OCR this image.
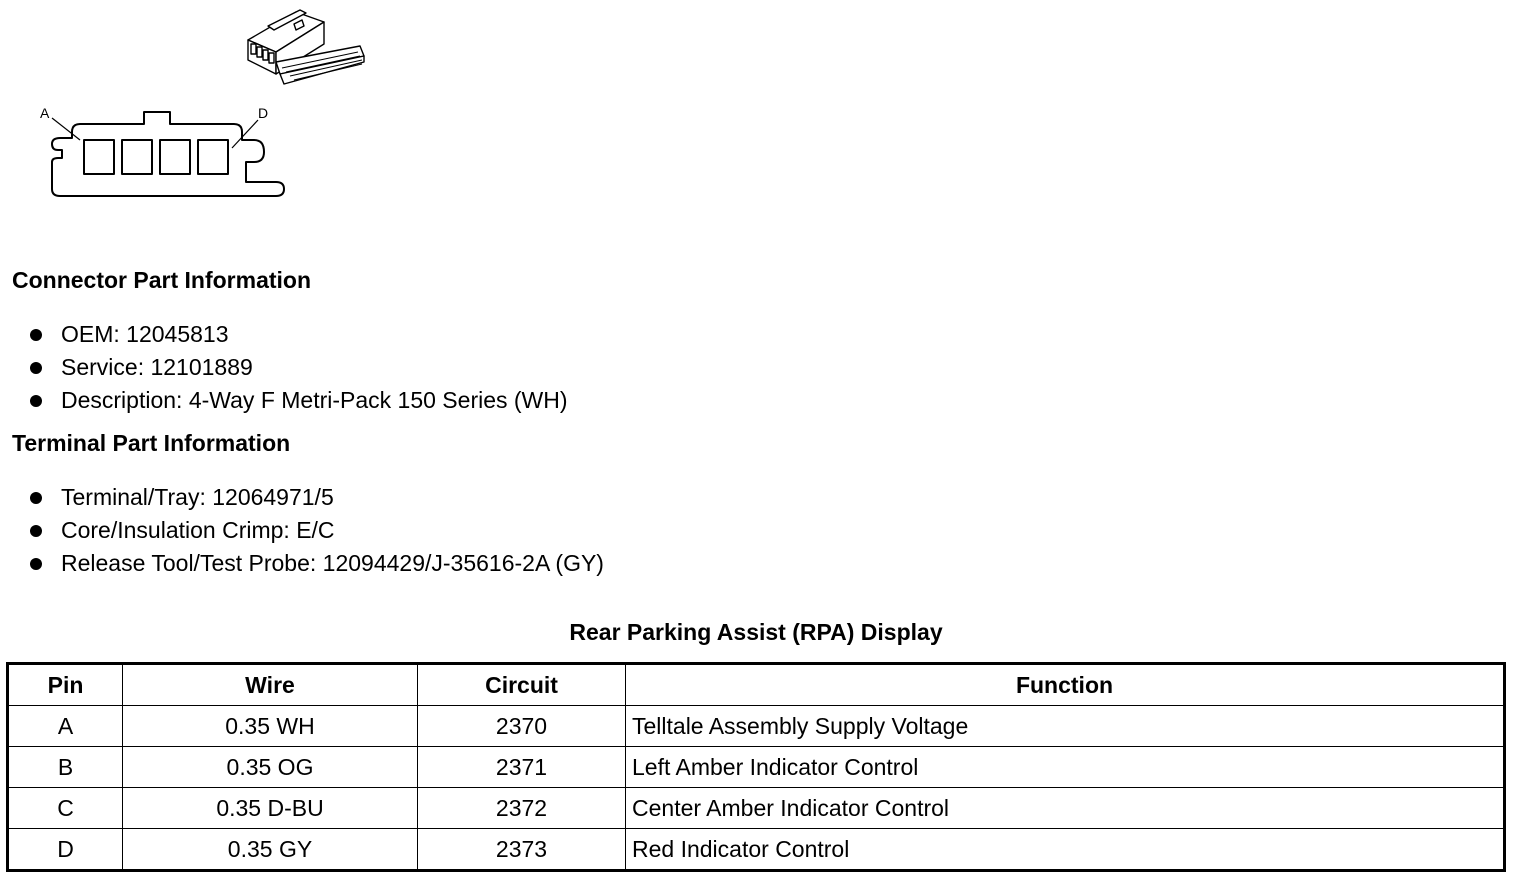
A	D
Connector Part Information
OEM: 12045813
Service: 12101889
Description: 4-Way F Metri-Pack 150 Series (WH)
Terminal Part Information
Terminal/Tray: 12064971/5
Core/Insulation Crimp: E/C
Release Tool/Test Probe: 12094429/J-35616-2A (GY)
Rear Parking Assist (RPA) Display
Pin	Wire	Circuit	Function
A	0.35 WH	2370	Telltale Assembly Supply Voltage
B	0.35 OG	2371	Left Amber Indicator Control
C	0.35 D-BU	2372	Center Amber Indicator Control
D	0.35 GY	2373	Red Indicator Control
